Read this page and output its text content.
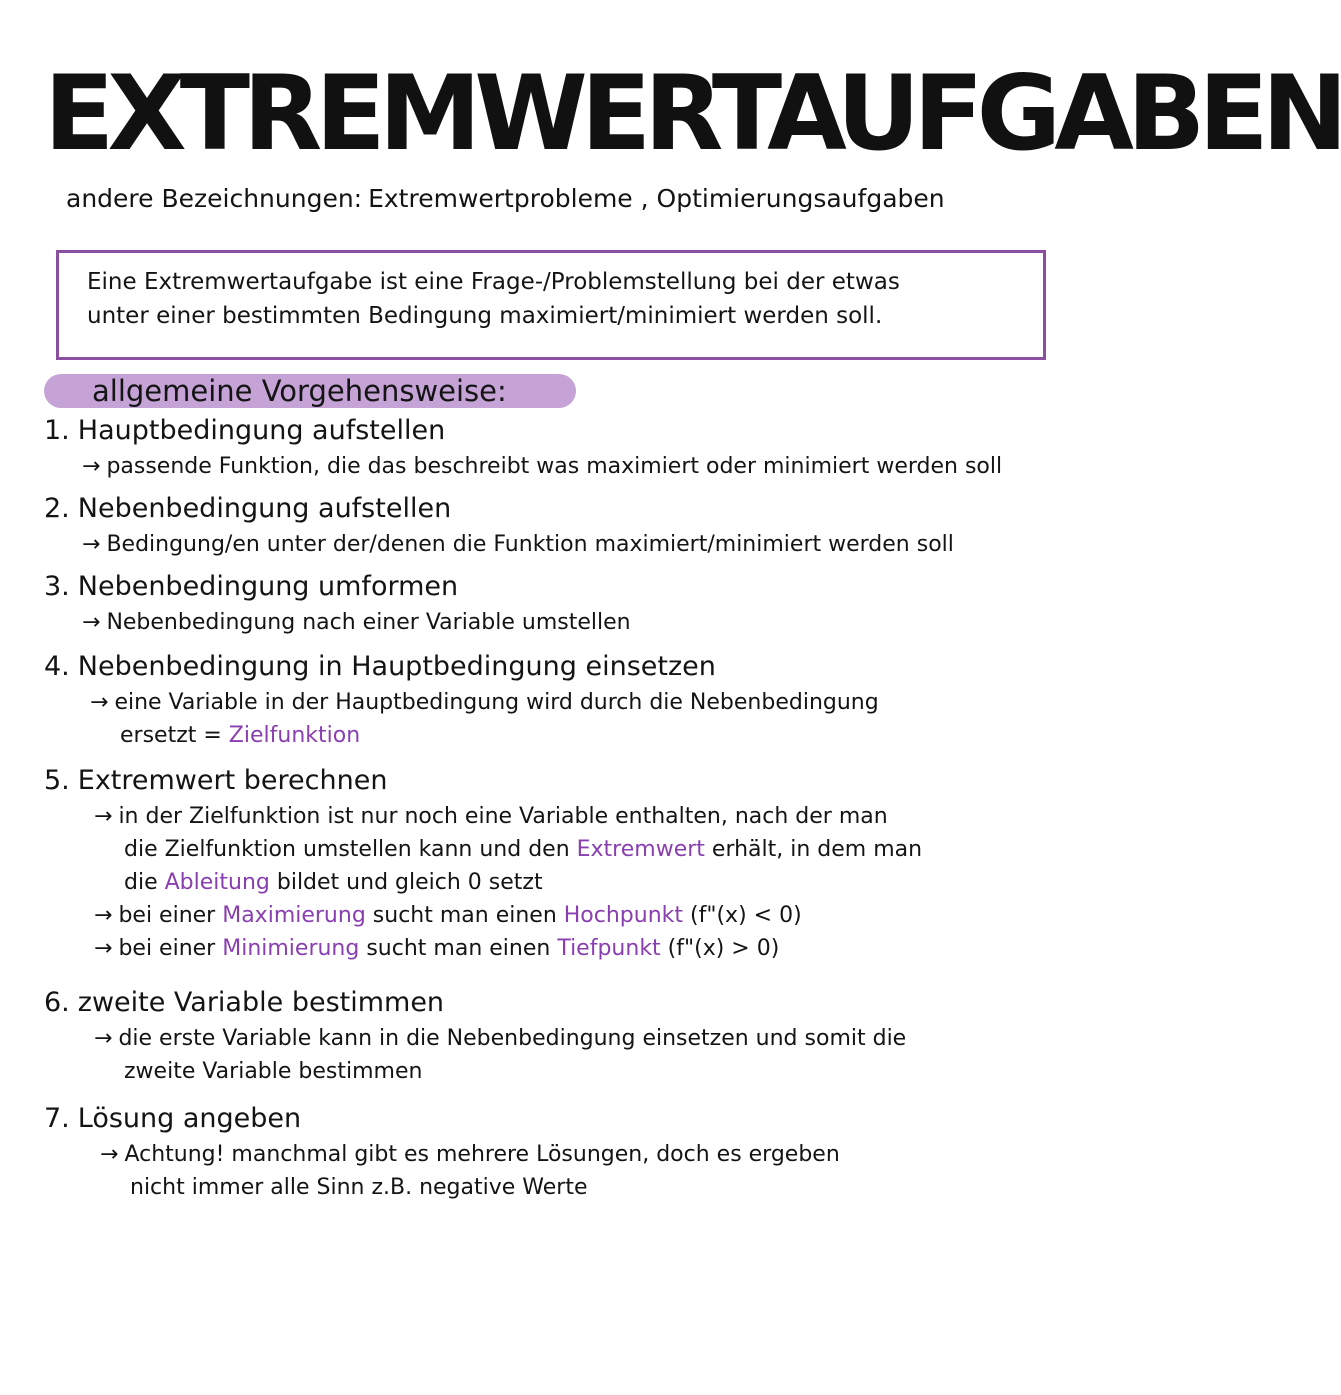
EXTREMWERTAUFGABEN
andere Bezeichnungen: Extremwertprobleme , Optimierungsaufgaben

Eine Extremwertaufgabe ist eine Frage-/Problemstellung bei der etwas

unter einer bestimmten Bedingung maximiert/minimiert werden soll.

allgemeine Vorgehensweise:
1. Hauptbedingung aufstellen
→ passende Funktion, die das beschreibt was maximiert oder minimiert werden soll
2. Nebenbedingung aufstellen
→ Bedingung/en unter der/denen die Funktion maximiert/minimiert werden soll
3. Nebenbedingung umformen
→ Nebenbedingung nach einer Variable umstellen
4. Nebenbedingung in Hauptbedingung einsetzen
→ eine Variable in der Hauptbedingung wird durch die Nebenbedingung
ersetzt = Zielfunktion
5. Extremwert berechnen
→ in der Zielfunktion ist nur noch eine Variable enthalten, nach der man
die Zielfunktion umstellen kann und den Extremwert erhält, in dem man
die Ableitung bildet und gleich 0 setzt
→ bei einer Maximierung sucht man einen Hochpunkt (f"(x) < 0)
→ bei einer Minimierung sucht man einen Tiefpunkt (f"(x) > 0)
6. zweite Variable bestimmen
→ die erste Variable kann in die Nebenbedingung einsetzen und somit die
zweite Variable bestimmen
7. Lösung angeben
→ Achtung! manchmal gibt es mehrere Lösungen, doch es ergeben
nicht immer alle Sinn z.B. negative Werte
